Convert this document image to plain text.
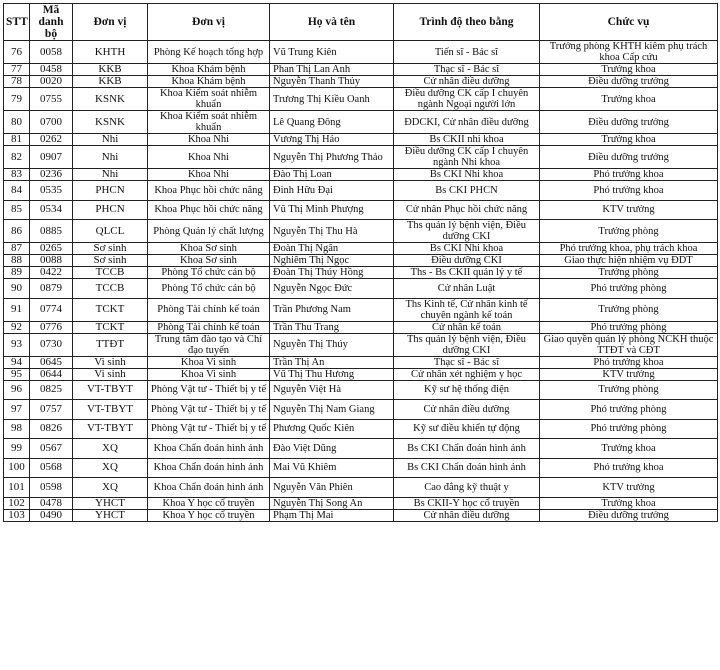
STT	Mã danh bộ	Đơn vị	Đơn vị	Họ và tên	Trình độ theo bằng	Chức vụ
76	0058	KHTH	Phòng Kế hoạch tổng hợp	Vũ Trung Kiên	Tiến sĩ - Bác sĩ	Trưởng phòng KHTH kiêm phụ trách khoa Cấp cứu
77	0458	KKB	Khoa Khám bệnh	Phan Thị Lan Anh	Thạc sĩ - Bác sĩ	Trưởng khoa
78	0020	KKB	Khoa Khám bệnh	Nguyễn Thanh Thủy	Cử nhân điều dưỡng	Điều dưỡng trưởng
79	0755	KSNK	Khoa Kiểm soát nhiễm khuẩn	Trương Thị Kiều Oanh	Điều dưỡng CK cấp I chuyên ngành Ngoại người lớn	Trưởng khoa
80	0700	KSNK	Khoa Kiểm soát nhiễm khuẩn	Lê Quang Đông	ĐDCKI, Cử nhân điều dưỡng	Điều dưỡng trưởng
81	0262	Nhi	Khoa Nhi	Vương Thị Hảo	Bs CKII nhi khoa	Trưởng khoa
82	0907	Nhi	Khoa Nhi	Nguyễn Thị Phương Thảo	Điều dưỡng CK cấp I chuyên ngành Nhi khoa	Điều dưỡng trưởng
83	0236	Nhi	Khoa Nhi	Đào Thị Loan	Bs CKI Nhi khoa	Phó trưởng khoa
84	0535	PHCN	Khoa Phục hồi chức năng	Đinh Hữu Đại	Bs CKI PHCN	Phó trưởng khoa
85	0534	PHCN	Khoa Phục hồi chức năng	Vũ Thị Minh Phượng	Cử nhân Phục hồi chức năng	KTV trưởng
86	0885	QLCL	Phòng Quản lý chất lượng	Nguyễn Thị Thu Hà	Ths quản lý bệnh viện, Điều dưỡng CKI	Trưởng phòng
87	0265	Sơ sinh	Khoa Sơ sinh	Đoàn Thị Ngân	Bs CKI Nhi khoa	Phó trưởng khoa, phụ trách khoa
88	0088	Sơ sinh	Khoa Sơ sinh	Nghiêm Thị Ngọc	Điều dưỡng CKI	Giao thực hiện nhiệm vụ ĐDT
89	0422	TCCB	Phòng Tổ chức cán bộ	Đoàn Thị Thúy Hồng	Ths - Bs CKII quản lý y tế	Trưởng phòng
90	0879	TCCB	Phòng Tổ chức cán bộ	Nguyễn Ngọc Đức	Cử nhân Luật	Phó trưởng phòng
91	0774	TCKT	Phòng Tài chính kế toán	Trần Phương Nam	Ths Kinh tế, Cử nhân kinh tế chuyên ngành kế toán	Trưởng phòng
92	0776	TCKT	Phòng Tài chính kế toán	Trần Thu Trang	Cử nhân kế toán	Phó trưởng phòng
93	0730	TTĐT	Trung tâm đào tạo và Chỉ đạo tuyến	Nguyễn Thị Thúy	Ths quản lý bệnh viện, Điều dưỡng CKI	Giao quyền quản lý phòng NCKH thuộc TTĐT và CĐT
94	0645	Vi sinh	Khoa Vi sinh	Trần Thị An	Thạc sĩ - Bác sĩ	Phó trưởng khoa
95	0644	Vi sinh	Khoa Vi sinh	Vũ Thị Thu Hương	Cử nhân xét nghiệm y học	KTV trưởng
96	0825	VT-TBYT	Phòng Vật tư - Thiết bị y tế	Nguyễn Việt Hà	Kỹ sư hệ thống điện	Trưởng phòng
97	0757	VT-TBYT	Phòng Vật tư - Thiết bị y tế	Nguyễn Thị Nam Giang	Cử nhân điều dưỡng	Phó trưởng phòng
98	0826	VT-TBYT	Phòng Vật tư - Thiết bị y tế	Phương Quốc Kiên	Kỹ sư điều khiển tự động	Phó trưởng phòng
99	0567	XQ	Khoa Chẩn đoán hình ảnh	Đào Việt Dũng	Bs CKI Chẩn đoán hình ảnh	Trưởng khoa
100	0568	XQ	Khoa Chẩn đoán hình ảnh	Mai Vũ Khiêm	Bs CKI Chẩn đoán hình ảnh	Phó trưởng khoa
101	0598	XQ	Khoa Chẩn đoán hình ảnh	Nguyễn Văn Phiên	Cao đẳng kỹ thuật y	KTV trưởng
102	0478	YHCT	Khoa Y học cổ truyền	Nguyễn Thị Song An	Bs CKII-Y học cổ truyền	Trưởng khoa
103	0490	YHCT	Khoa Y học cổ truyền	Phạm Thị Mai	Cử nhân điều dưỡng	Điều dưỡng trưởng
